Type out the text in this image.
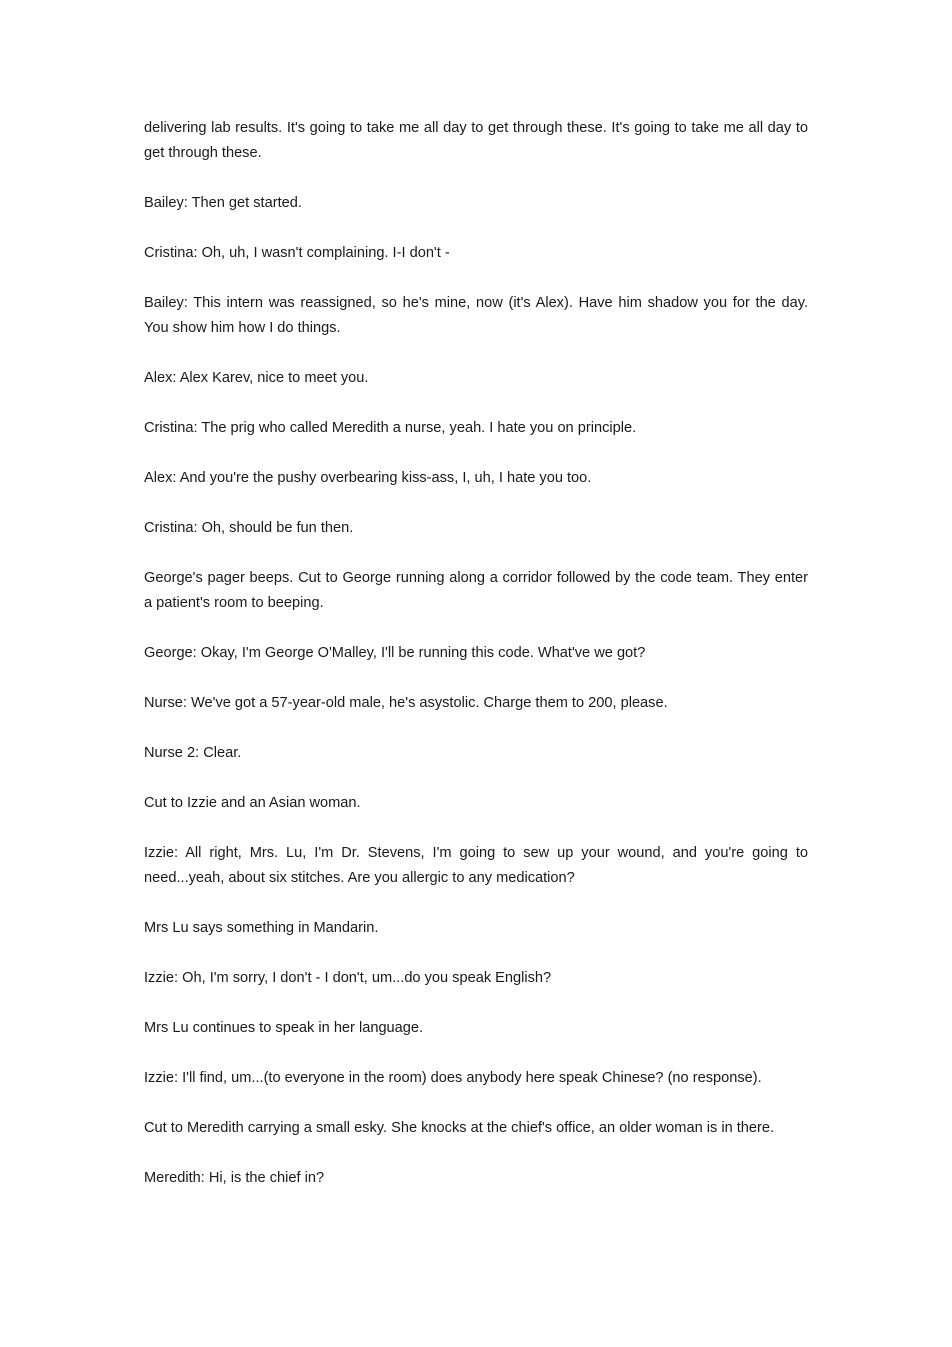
delivering lab results. It's going to take me all day to get through these. It's going to take me all day to get through these.

Bailey: Then get started.

Cristina: Oh, uh, I wasn't complaining. I-I don't -

Bailey: This intern was reassigned, so he's mine, now (it's Alex). Have him shadow you for the day. You show him how I do things.

Alex: Alex Karev, nice to meet you.

Cristina: The prig who called Meredith a nurse, yeah. I hate you on principle.

Alex: And you're the pushy overbearing kiss-ass, I, uh, I hate you too.

Cristina: Oh, should be fun then.

George's pager beeps. Cut to George running along a corridor followed by the code team. They enter a patient's room to beeping.

George: Okay, I'm George O'Malley, I'll be running this code. What've we got?

Nurse: We've got a 57-year-old male, he's asystolic. Charge them to 200, please.

Nurse 2: Clear.

Cut to Izzie and an Asian woman.

Izzie: All right, Mrs. Lu, I'm Dr. Stevens, I'm going to sew up your wound, and you're going to need...yeah, about six stitches. Are you allergic to any medication?

Mrs Lu says something in Mandarin.

Izzie: Oh, I'm sorry, I don't - I don't, um...do you speak English?

Mrs Lu continues to speak in her language.

Izzie: I'll find, um...(to everyone in the room) does anybody here speak Chinese? (no response).

Cut to Meredith carrying a small esky. She knocks at the chief's office, an older woman is in there.

Meredith: Hi, is the chief in?
